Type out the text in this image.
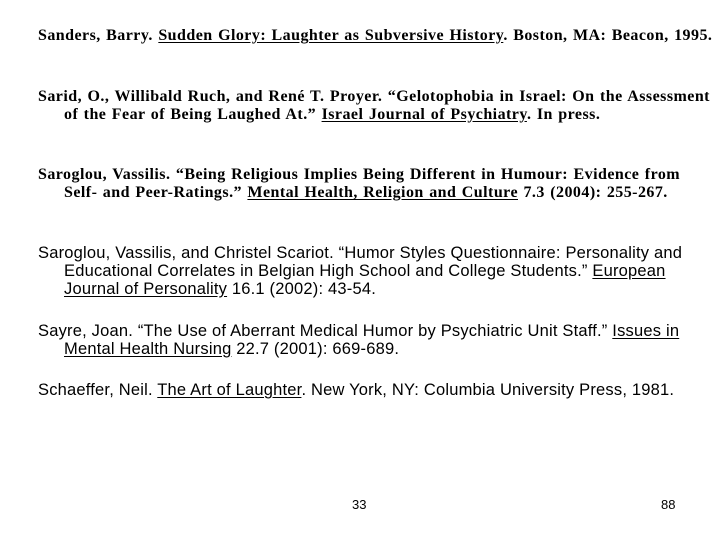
Sanders, Barry. Sudden Glory: Laughter as Subversive History. Boston, MA: Beacon, 1995.

Sarid, O., Willibald Ruch, and René T. Proyer. “Gelotophobia in Israel: On the Assessment of the Fear of Being Laughed At.” Israel Journal of Psychiatry. In press.

Saroglou, Vassilis. “Being Religious Implies Being Different in Humour: Evidence from Self- and Peer-Ratings.” Mental Health, Religion and Culture 7.3 (2004): 255-267.

Saroglou, Vassilis, and Christel Scariot. “Humor Styles Questionnaire: Personality and Educational Correlates in Belgian High School and College Students.” European Journal of Personality 16.1 (2002): 43-54.

Sayre, Joan. “The Use of Aberrant Medical Humor by Psychiatric Unit Staff.” Issues in Mental Health Nursing 22.7 (2001): 669-689.

Schaeffer, Neil. The Art of Laughter. New York, NY: Columbia University Press, 1981.

33	88
